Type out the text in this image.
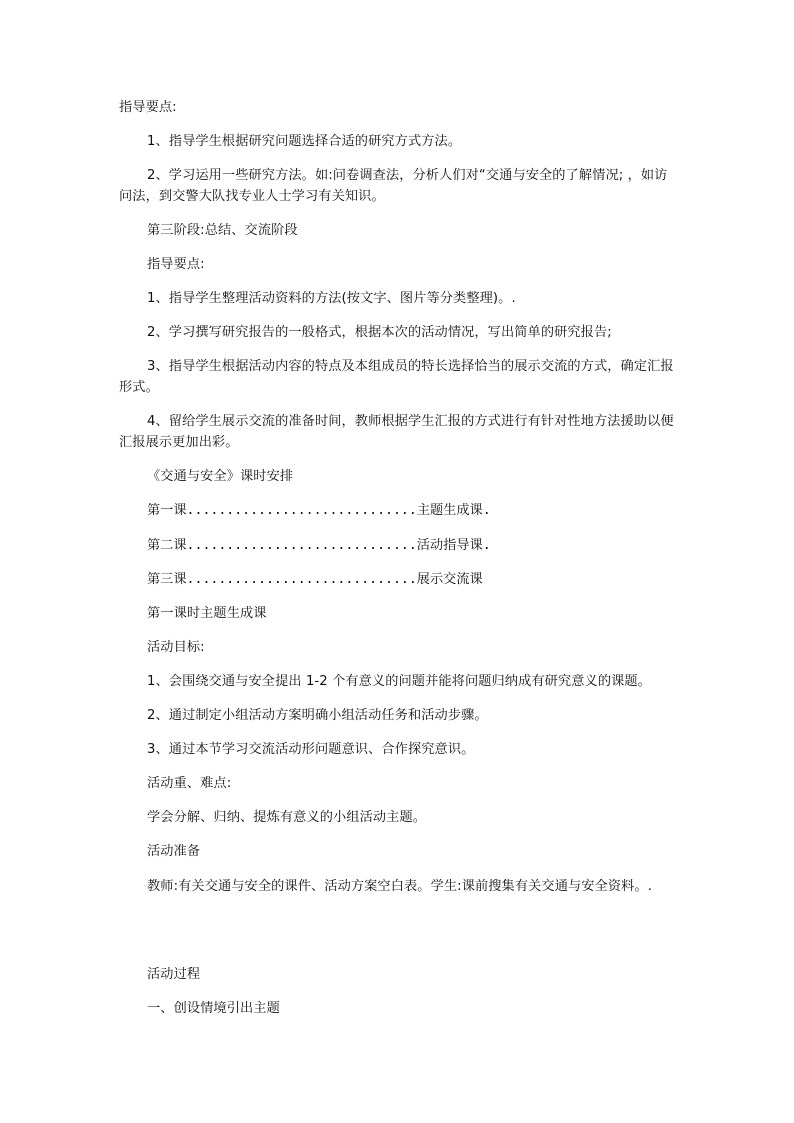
指导要点:

1、指导学生根据研究问题选择合适的研究方式方法。

2、学习运用一些研究方法。如:问卷调查法，分析人们对“交通与安全的了解情况; ，如访问法，到交警大队找专业人士学习有关知识。

第三阶段:总结、交流阶段

指导要点:

1、指导学生整理活动资料的方法(按文字、图片等分类整理)。.

2、学习撰写研究报告的一般格式，根据本次的活动情况，写出简单的研究报告;

3、指导学生根据活动内容的特点及本组成员的特长选择恰当的展示交流的方式，确定汇报形式。

4、留给学生展示交流的准备时间，教师根据学生汇报的方式进行有针对性地方法援助以便汇报展示更加出彩。

《交通与安全》课时安排

第一课.............................主题生成课.

第二课.............................活动指导课.

第三课.............................展示交流课

第一课时主题生成课

活动目标:

1、会围绕交通与安全提出 1-2 个有意义的问题并能将问题归纳成有研究意义的课题。

2、通过制定小组活动方案明确小组活动任务和活动步骤。

3、通过本节学习交流活动形问题意识、合作探究意识。

活动重、难点:

学会分解、归纳、提炼有意义的小组活动主题。

活动准备

教师:有关交通与安全的课件、活动方案空白表。学生:课前搜集有关交通与安全资料。.

活动过程

一、创设情境引出主题
